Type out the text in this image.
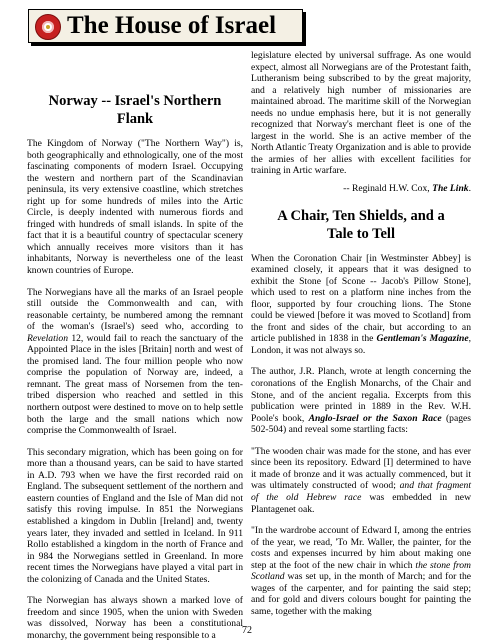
The House of Israel
Norway -- Israel's Northern
Flank

The Kingdom of Norway ("The Northern Way") is, both geographically and ethnologically, one of the most fascinating components of modern Israel. Occupying the western and northern part of the Scandinavian peninsula, its very extensive coastline, which stretches right up for some hundreds of miles into the Artic Circle, is deeply indented with numerous fiords and fringed with hundreds of small islands. In spite of the fact that it is a beautiful country of spectacular scenery which annually receives more visitors than it has inhabitants, Norway is nevertheless one of the least known countries of Europe.

The Norwegians have all the marks of an Israel people still outside the Commonwealth and can, with reasonable certainty, be numbered among the remnant of the woman's (Israel's) seed who, according to Revelation 12, would fail to reach the sanctuary of the Appointed Place in the isles [Britain] north and west of the promised land. The four million people who now comprise the population of Norway are, indeed, a remnant. The great mass of Norsemen from the ten-tribed dispersion who reached and settled in this northern outpost were destined to move on to help settle both the large and the small nations which now comprise the Commonwealth of Israel.

This secondary migration, which has been going on for more than a thousand years, can be said to have started in A.D. 793 when we have the first recorded raid on England. The subsequent settlement of the northern and eastern counties of England and the Isle of Man did not satisfy this roving impulse. In 851 the Norwegians established a kingdom in Dublin [Ireland] and, twenty years later, they invaded and settled in Iceland. In 911 Rollo established a kingdom in the north of France and in 984 the Norwegians settled in Greenland. In more recent times the Norwegians have played a vital part in the colonizing of Canada and the United States.

The Norwegian has always shown a marked love of freedom and since 1905, when the union with Sweden was dissolved, Norway has been a constitutional monarchy, the government being responsible to a

legislature elected by universal suffrage. As one would expect, almost all Norwegians are of the Protestant faith, Lutheranism being subscribed to by the great majority, and a relatively high number of missionaries are maintained abroad. The maritime skill of the Norwegian needs no undue emphasis here, but it is not generally recognized that Norway's merchant fleet is one of the largest in the world. She is an active member of the North Atlantic Treaty Organization and is able to provide the armies of her allies with excellent facilities for training in Artic warfare.

-- Reginald H.W. Cox, The Link.

A Chair, Ten Shields, and a
Tale to Tell

When the Coronation Chair [in Westminster Abbey] is examined closely, it appears that it was designed to exhibit the Stone [of Scone -- Jacob's Pillow Stone], which used to rest on a platform nine inches from the floor, supported by four crouching lions. The Stone could be viewed [before it was moved to Scotland] from the front and sides of the chair, but according to an article published in 1838 in the Gentleman's Magazine, London, it was not always so.

The author, J.R. Planch, wrote at length concerning the coronations of the English Monarchs, of the Chair and Stone, and of the ancient regalia. Excerpts from this publication were printed in 1889 in the Rev. W.H. Poole's book, Anglo-Israel or the Saxon Race (pages 502-504) and reveal some startling facts:

"The wooden chair was made for the stone, and has ever since been its repository. Edward [I] determined to have it made of bronze and it was actually commenced, but it was ultimately constructed of wood; and that fragment of the old Hebrew race was embedded in new Plantagenet oak.

"In the wardrobe account of Edward I, among the entries of the year, we read, 'To Mr. Waller, the painter, for the costs and expenses incurred by him about making one step at the foot of the new chair in which the stone from Scotland was set up, in the month of March; and for the wages of the carpenter, and for painting the said step; and for gold and divers colours bought for painting the same, together with the making

72
